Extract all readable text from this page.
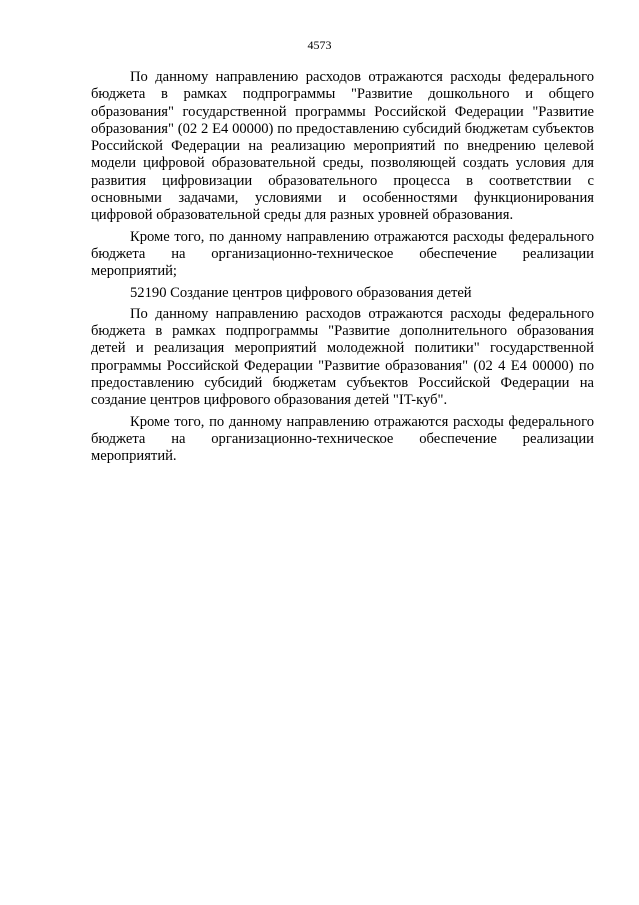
4573

По данному направлению расходов отражаются расходы федерального бюджета в рамках подпрограммы "Развитие дошкольного и общего образования" государственной программы Российской Федерации "Развитие образования" (02 2 E4 00000) по предоставлению субсидий бюджетам субъектов Российской Федерации на реализацию мероприятий по внедрению целевой модели цифровой образовательной среды, позволяющей создать условия для развития цифровизации образовательного процесса в соответствии с основными задачами, условиями и особенностями функционирования цифровой образовательной среды для разных уровней образования.

Кроме того, по данному направлению отражаются расходы федерального бюджета на организационно-техническое обеспечение реализации мероприятий;

52190 Создание центров цифрового образования детей

По данному направлению расходов отражаются расходы федерального бюджета в рамках подпрограммы "Развитие дополнительного образования детей и реализация мероприятий молодежной политики" государственной программы Российской Федерации "Развитие образования" (02 4 E4 00000) по предоставлению субсидий бюджетам субъектов Российской Федерации на создание центров цифрового образования детей "IT-куб".

Кроме того, по данному направлению отражаются расходы федерального бюджета на организационно-техническое обеспечение реализации мероприятий.
